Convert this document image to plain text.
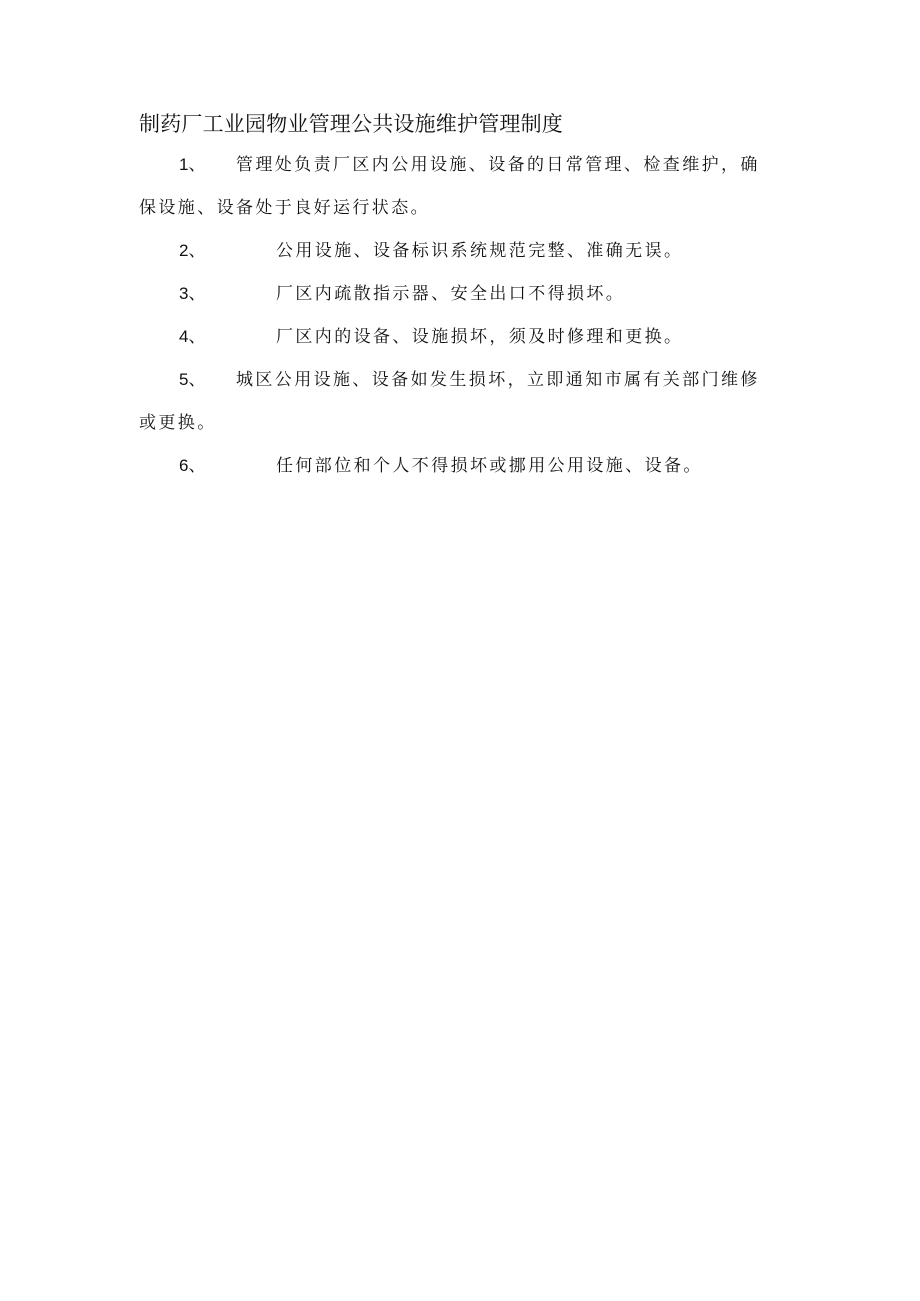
制药厂工业园物业管理公共设施维护管理制度
1、 管理处负责厂区内公用设施、设备的日常管理、检查维护，确
保设施、设备处于良好运行状态。
2、	公用设施、设备标识系统规范完整、准确无误。
3、	厂区内疏散指示器、安全出口不得损坏。
4、	厂区内的设备、设施损坏，须及时修理和更换。
5、 城区公用设施、设备如发生损坏，立即通知市属有关部门维修
或更换。
6、	任何部位和个人不得损坏或挪用公用设施、设备。
